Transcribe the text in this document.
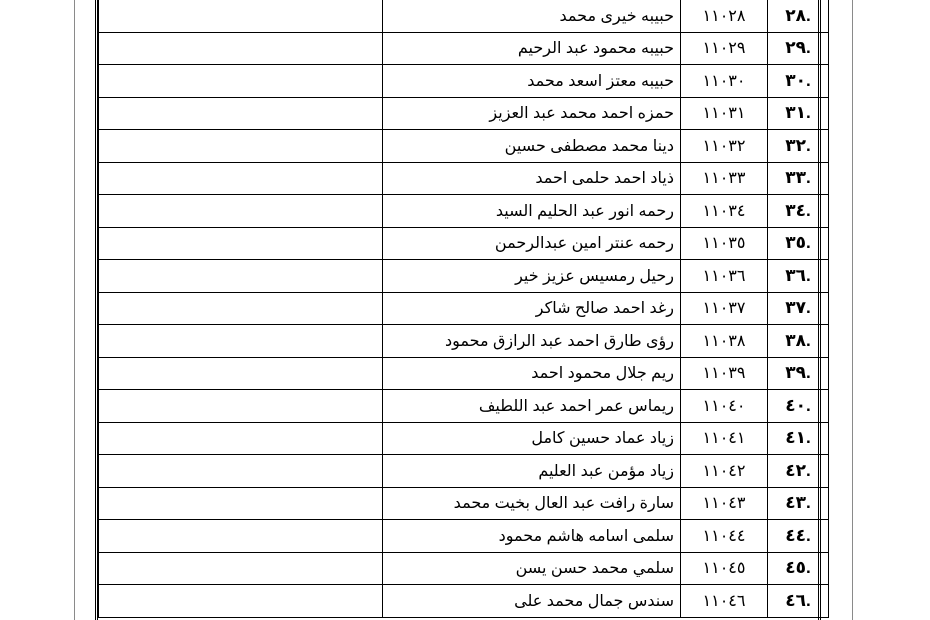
.٢٨	١١٠٢٨	حبيبه خيرى محمد	
.٢٩	١١٠٢٩	حبيبه محمود عبد الرحيم	
.٣٠	١١٠٣٠	حبيبه معتز اسعد محمد	
.٣١	١١٠٣١	حمزه احمد محمد عبد العزيز	
.٣٢	١١٠٣٢	دينا محمد مصطفى حسين	
.٣٣	١١٠٣٣	ذياد احمد حلمى احمد	
.٣٤	١١٠٣٤	رحمه انور عبد الحليم السيد	
.٣٥	١١٠٣٥	رحمه عنتر امين عبدالرحمن	
.٣٦	١١٠٣٦	رحيل رمسيس عزيز خير	
.٣٧	١١٠٣٧	رغد احمد صالح شاكر	
.٣٨	١١٠٣٨	رؤى طارق احمد عبد الرازق محمود	
.٣٩	١١٠٣٩	ريم جلال محمود احمد	
.٤٠	١١٠٤٠	ريماس عمر احمد عبد اللطيف	
.٤١	١١٠٤١	زياد عماد حسين كامل	
.٤٢	١١٠٤٢	زياد مؤمن عبد العليم	
.٤٣	١١٠٤٣	سارة رافت عبد العال بخيت محمد	
.٤٤	١١٠٤٤	سلمى اسامه هاشم محمود	
.٤٥	١١٠٤٥	سلمي محمد حسن يسن	
.٤٦	١١٠٤٦	سندس جمال محمد على	
